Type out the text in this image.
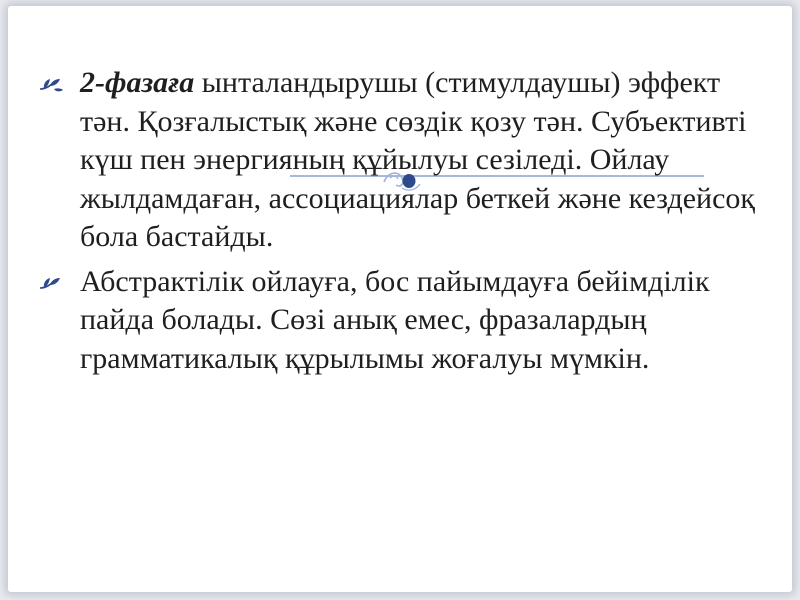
2-фазаға ынталандырушы (стимулдаушы) эффект тән. Қозғалыстық және сөздік қозу тән. Субъективті күш пен энергияның құйылуы сезіледі. Ойлау жылдамдаған, ассоциациялар беткей және кездейсоқ бола бастайды.
Абстрактілік ойлауға, бос пайымдауға бейімділік пайда болады. Сөзі анық емес, фразалардың грамматикалық құрылымы жоғалуы мүмкін.
